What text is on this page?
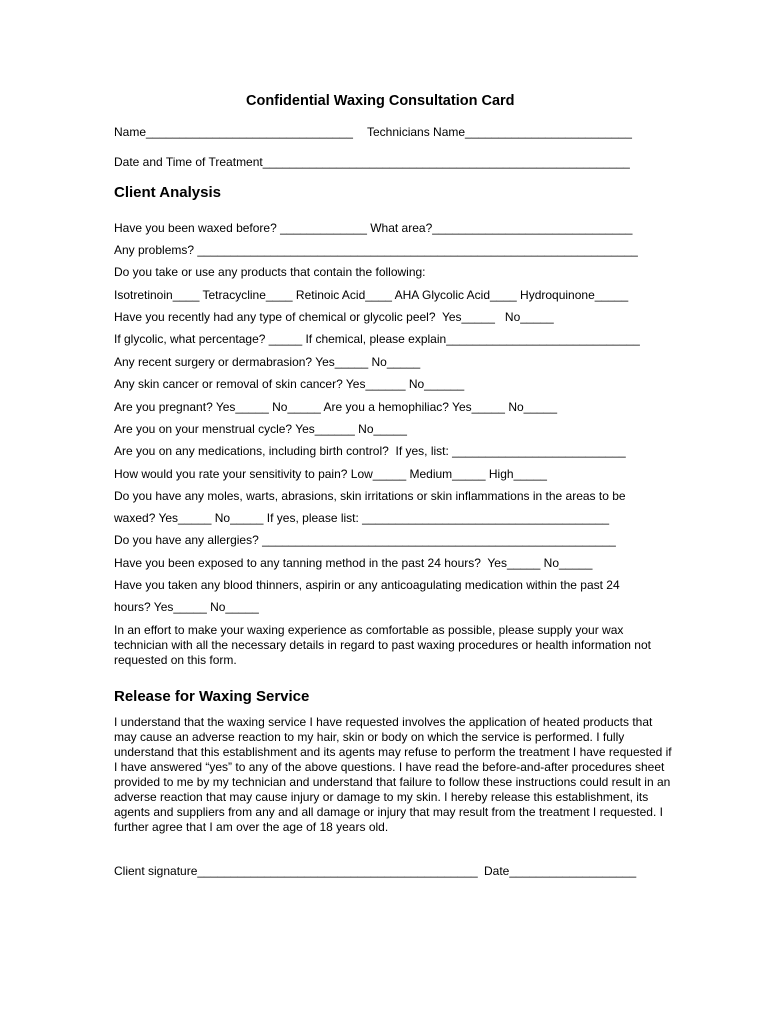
Confidential Waxing Consultation Card
Name_______________________________ Technicians Name_________________________
Date and Time of Treatment_______________________________________________________
Client Analysis
Have you been waxed before? _____________ What area?______________________________
Any problems? __________________________________________________________________
Do you take or use any products that contain the following:
Isotretinoin____ Tetracycline____ Retinoic Acid____ AHA Glycolic Acid____ Hydroquinone_____
Have you recently had any type of chemical or glycolic peel?  Yes_____   No_____
If glycolic, what percentage? _____ If chemical, please explain_____________________________
Any recent surgery or dermabrasion? Yes_____ No_____
Any skin cancer or removal of skin cancer? Yes______ No______
Are you pregnant? Yes_____ No_____ Are you a hemophiliac? Yes_____ No_____
Are you on your menstrual cycle? Yes______ No_____
Are you on any medications, including birth control?  If yes, list: __________________________
How would you rate your sensitivity to pain? Low_____ Medium_____ High_____
Do you have any moles, warts, abrasions, skin irritations or skin inflammations in the areas to be
waxed? Yes_____ No_____ If yes, please list: _____________________________________
Do you have any allergies? _____________________________________________________
Have you been exposed to any tanning method in the past 24 hours?  Yes_____ No_____
Have you taken any blood thinners, aspirin or any anticoagulating medication within the past 24
hours? Yes_____ No_____
In an effort to make your waxing experience as comfortable as possible, please supply your wax technician with all the necessary details in regard to past waxing procedures or health information not requested on this form.
Release for Waxing Service
I understand that the waxing service I have requested involves the application of heated products that may cause an adverse reaction to my hair, skin or body on which the service is performed. I fully understand that this establishment and its agents may refuse to perform the treatment I have requested if I have answered “yes” to any of the above questions. I have read the before-and-after procedures sheet provided to me by my technician and understand that failure to follow these instructions could result in an adverse reaction that may cause injury or damage to my skin. I hereby release this establishment, its agents and suppliers from any and all damage or injury that may result from the treatment I requested. I further agree that I am over the age of 18 years old.
Client signature__________________________________________ Date___________________
